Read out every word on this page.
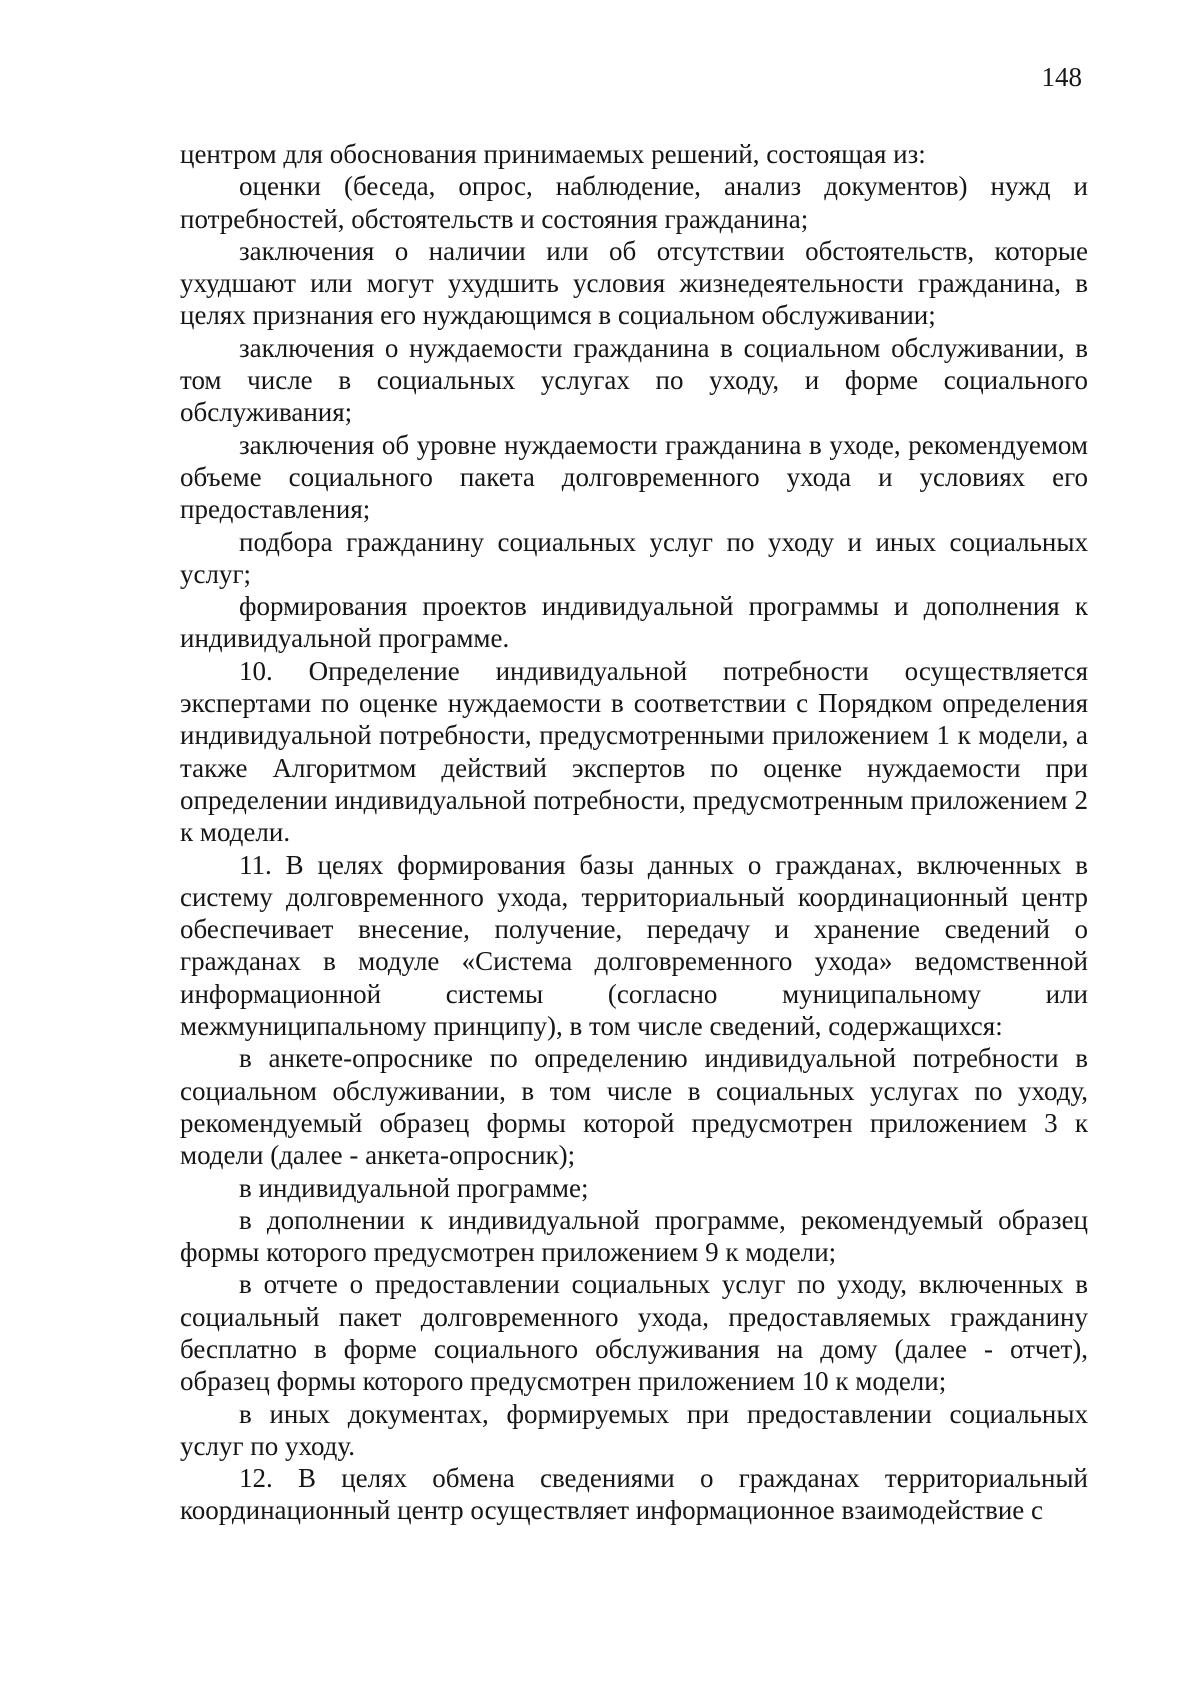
148

центром для обоснования принимаемых решений, состоящая из:

оценки (беседа, опрос, наблюдение, анализ документов) нужд и потребностей, обстоятельств и состояния гражданина;

заключения о наличии или об отсутствии обстоятельств, которые ухудшают или могут ухудшить условия жизнедеятельности гражданина, в целях признания его нуждающимся в социальном обслуживании;

заключения о нуждаемости гражданина в социальном обслуживании, в том числе в социальных услугах по уходу, и форме социального обслуживания;

заключения об уровне нуждаемости гражданина в уходе, рекомендуемом объеме социального пакета долговременного ухода и условиях его предоставления;

подбора гражданину социальных услуг по уходу и иных социальных услуг;

формирования проектов индивидуальной программы и дополнения к индивидуальной программе.

10. Определение индивидуальной потребности осуществляется экспертами по оценке нуждаемости в соответствии с Порядком определения индивидуальной потребности, предусмотренными приложением 1 к модели, а также Алгоритмом действий экспертов по оценке нуждаемости при определении индивидуальной потребности, предусмотренным приложением 2 к модели.

11. В целях формирования базы данных о гражданах, включенных в систему долговременного ухода, территориальный координационный центр обеспечивает внесение, получение, передачу и хранение сведений о гражданах в модуле «Система долговременного ухода» ведомственной информационной системы (согласно муниципальному или межмуниципальному принципу), в том числе сведений, содержащихся:

в анкете-опроснике по определению индивидуальной потребности в социальном обслуживании, в том числе в социальных услугах по уходу, рекомендуемый образец формы которой предусмотрен приложением 3 к модели (далее - анкета-опросник);

в индивидуальной программе;

в дополнении к индивидуальной программе, рекомендуемый образец формы которого предусмотрен приложением 9 к модели;

в отчете о предоставлении социальных услуг по уходу, включенных в социальный пакет долговременного ухода, предоставляемых гражданину бесплатно в форме социального обслуживания на дому (далее - отчет), образец формы которого предусмотрен приложением 10 к модели;

в иных документах, формируемых при предоставлении социальных услуг по уходу.

12. В целях обмена сведениями о гражданах территориальный координационный центр осуществляет информационное взаимодействие с
